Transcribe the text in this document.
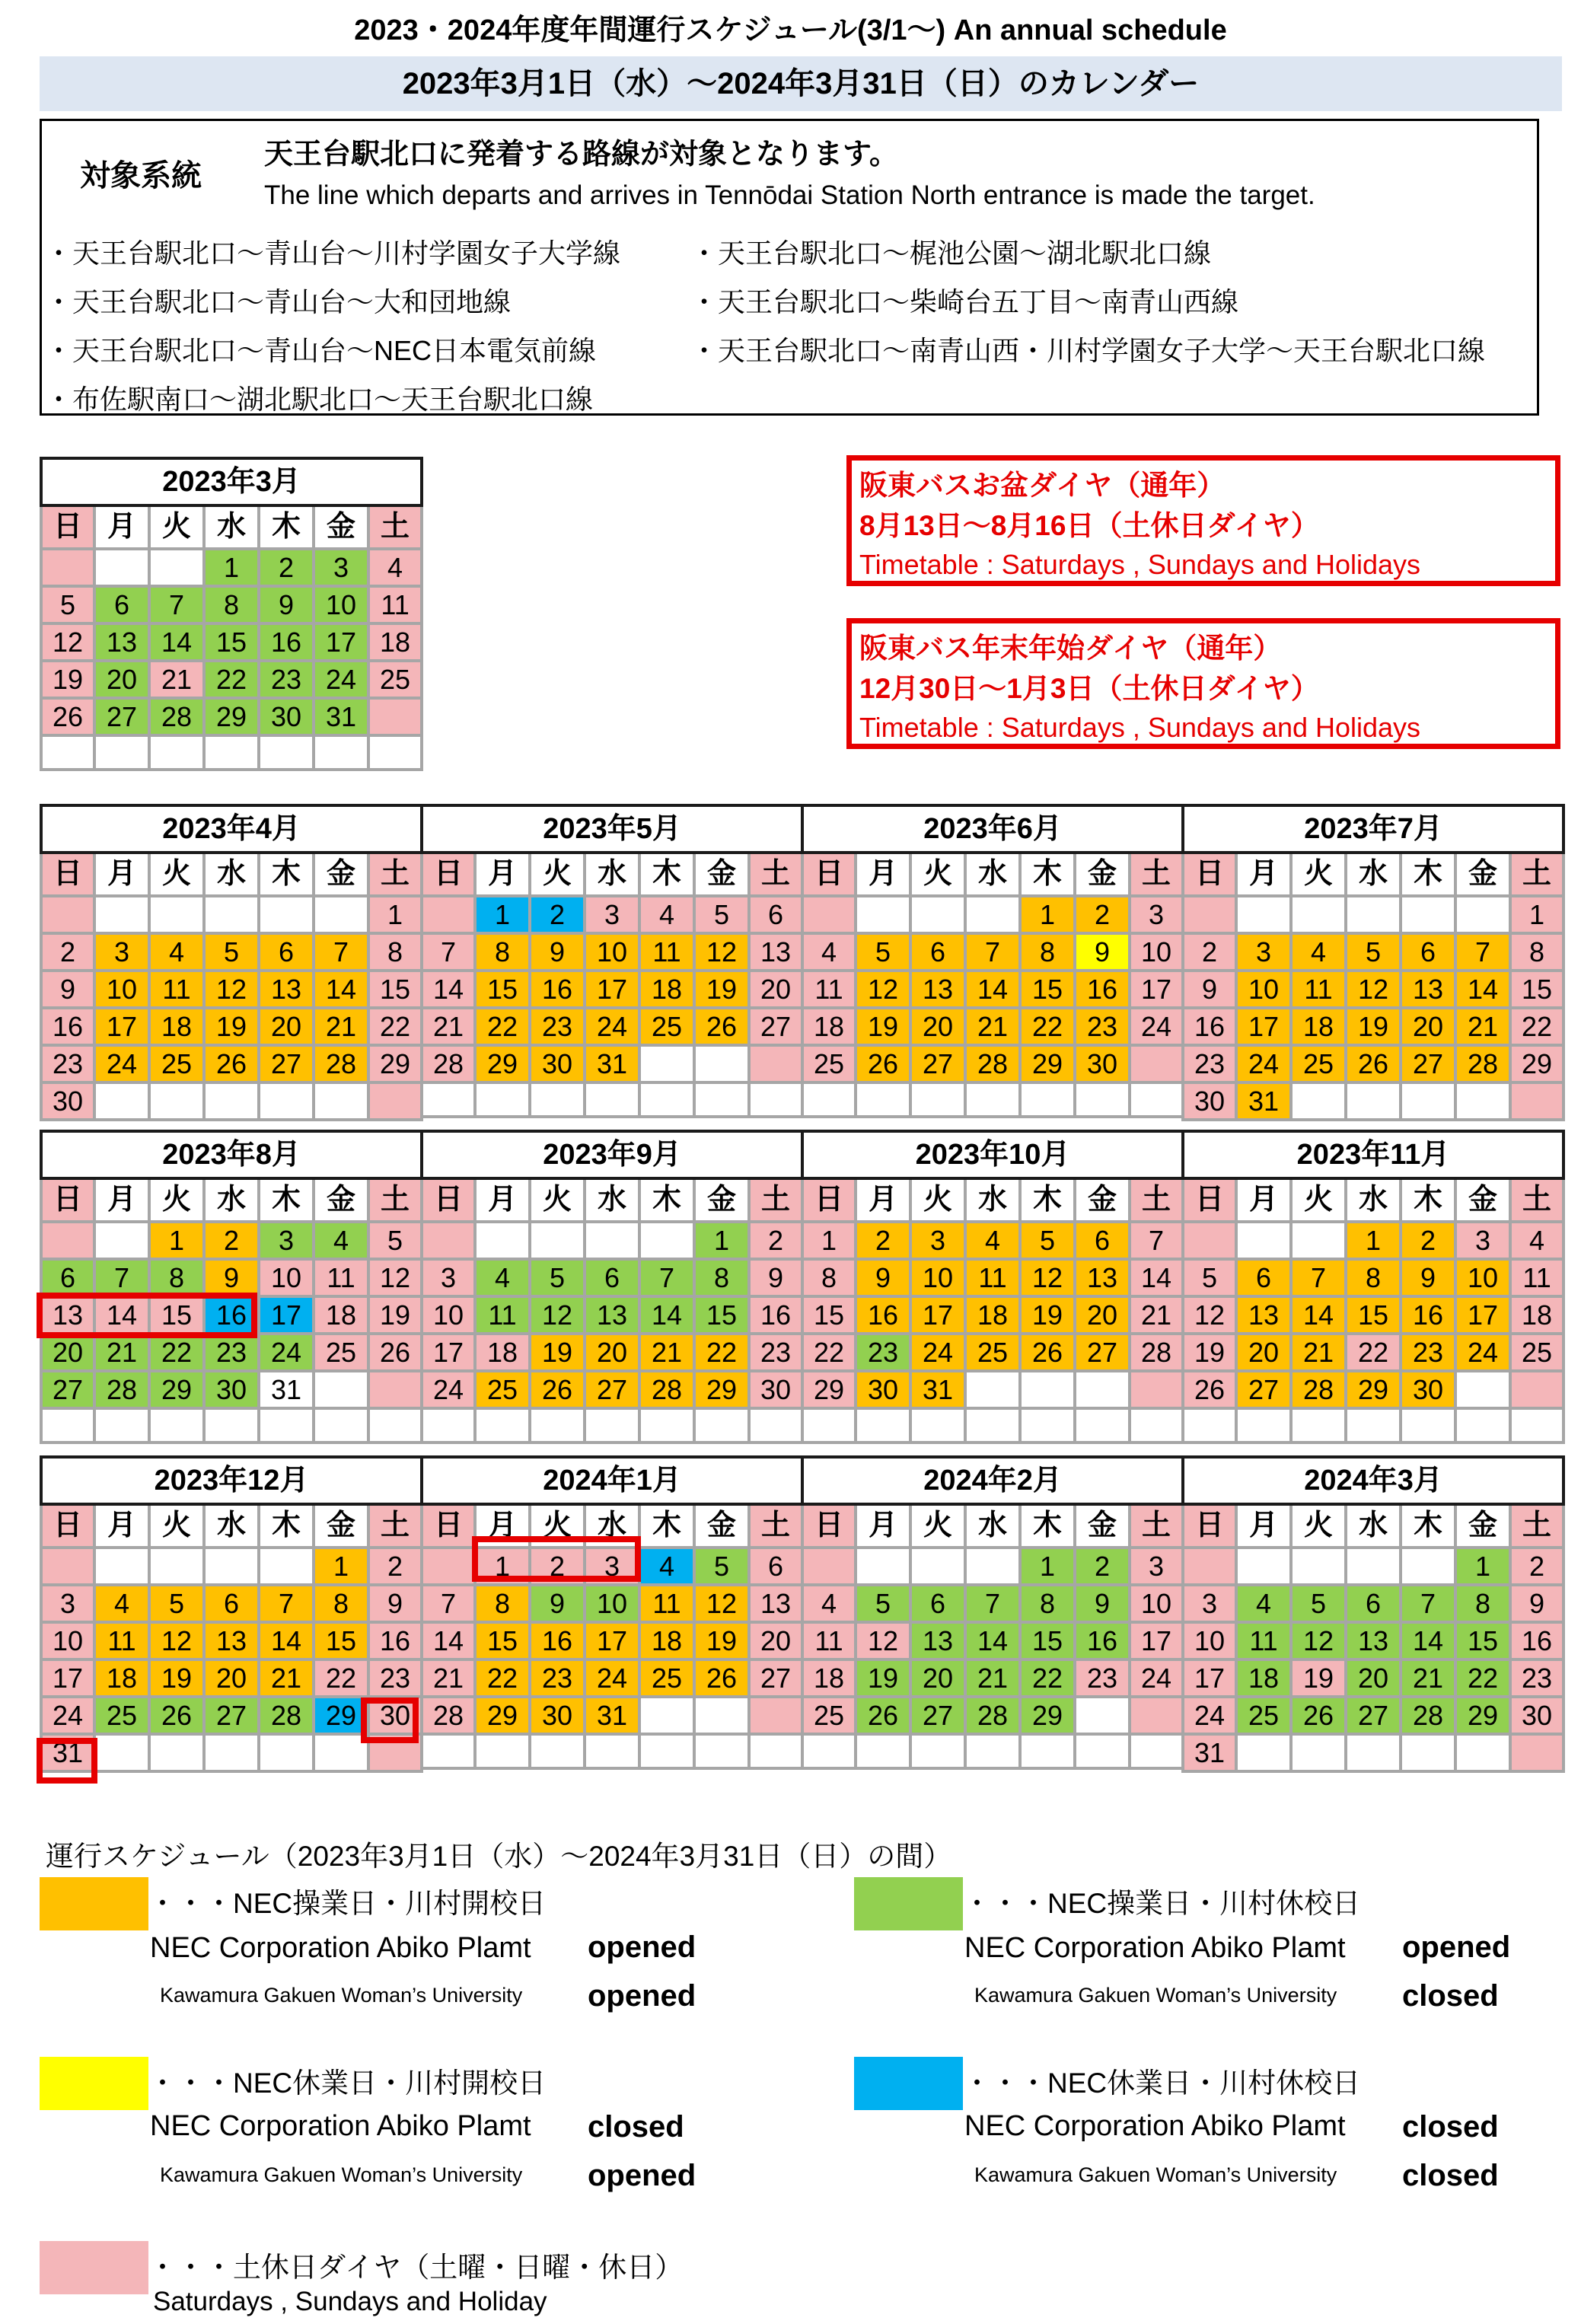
2023・2024年度年間運行スケジュール(3/1～) An annual schedule
2023年3月1日（水）～2024年3月31日（日）のカレンダー
対象系統
天王台駅北口に発着する路線が対象となります。
The line which departs and arrives in Tennōdai Station North entrance is made the target.
・天王台駅北口～青山台～川村学園女子大学線
・天王台駅北口～青山台～大和団地線
・天王台駅北口～青山台～NEC日本電気前線
・布佐駅南口～湖北駅北口～天王台駅北口線
・天王台駅北口～梶池公園～湖北駅北口線
・天王台駅北口～柴崎台五丁目～南青山西線
・天王台駅北口～南青山西・川村学園女子大学～天王台駅北口線
阪東バスお盆ダイヤ（通年）
8月13日～8月16日（土休日ダイヤ）
Timetable : Saturdays , Sundays and Holidays
阪東バス年末年始ダイヤ（通年）
12月30日～1月3日（土休日ダイヤ）
Timetable : Saturdays , Sundays and Holidays
2023年3月						
日	月	火	水	木	金	土
			1	2	3	4
5	6	7	8	9	10	11
12	13	14	15	16	17	18
19	20	21	22	23	24	25
26	27	28	29	30	31	

2023年4月						
日	月	火	水	木	金	土
						1
2	3	4	5	6	7	8
9	10	11	12	13	14	15
16	17	18	19	20	21	22
23	24	25	26	27	28	29
30						
2023年5月						
日	月	火	水	木	金	土
	1	2	3	4	5	6
7	8	9	10	11	12	13
14	15	16	17	18	19	20
21	22	23	24	25	26	27
28	29	30	31			

2023年6月						
日	月	火	水	木	金	土
				1	2	3
4	5	6	7	8	9	10
11	12	13	14	15	16	17
18	19	20	21	22	23	24
25	26	27	28	29	30	

2023年7月						
日	月	火	水	木	金	土
						1
2	3	4	5	6	7	8
9	10	11	12	13	14	15
16	17	18	19	20	21	22
23	24	25	26	27	28	29
30	31					
2023年8月						
日	月	火	水	木	金	土
		1	2	3	4	5
6	7	8	9	10	11	12
13	14	15	16	17	18	19
20	21	22	23	24	25	26
27	28	29	30	31		

2023年9月						
日	月	火	水	木	金	土
					1	2
3	4	5	6	7	8	9
10	11	12	13	14	15	16
17	18	19	20	21	22	23
24	25	26	27	28	29	30

2023年10月						
日	月	火	水	木	金	土
1	2	3	4	5	6	7
8	9	10	11	12	13	14
15	16	17	18	19	20	21
22	23	24	25	26	27	28
29	30	31				

2023年11月						
日	月	火	水	木	金	土
			1	2	3	4
5	6	7	8	9	10	11
12	13	14	15	16	17	18
19	20	21	22	23	24	25
26	27	28	29	30		

2023年12月						
日	月	火	水	木	金	土
					1	2
3	4	5	6	7	8	9
10	11	12	13	14	15	16
17	18	19	20	21	22	23
24	25	26	27	28	29	30
31						
2024年1月						
日	月	火	水	木	金	土
	1	2	3	4	5	6
7	8	9	10	11	12	13
14	15	16	17	18	19	20
21	22	23	24	25	26	27
28	29	30	31			

2024年2月						
日	月	火	水	木	金	土
				1	2	3
4	5	6	7	8	9	10
11	12	13	14	15	16	17
18	19	20	21	22	23	24
25	26	27	28	29		

2024年3月						
日	月	火	水	木	金	土
					1	2
3	4	5	6	7	8	9
10	11	12	13	14	15	16
17	18	19	20	21	22	23
24	25	26	27	28	29	30
31						
運行スケジュール（2023年3月1日（水）～2024年3月31日（日）の間）
・・・NEC操業日・川村開校日
NEC Corporation Abiko Plamt opened
Kawamura Gakuen Woman’s University opened
・・・NEC操業日・川村休校日
NEC Corporation Abiko Plamt opened
Kawamura Gakuen Woman’s University closed
・・・NEC休業日・川村開校日
NEC Corporation Abiko Plamt closed
Kawamura Gakuen Woman’s University opened
・・・NEC休業日・川村休校日
NEC Corporation Abiko Plamt closed
Kawamura Gakuen Woman’s University closed
・・・土休日ダイヤ（土曜・日曜・休日）
Saturdays , Sundays and Holiday
